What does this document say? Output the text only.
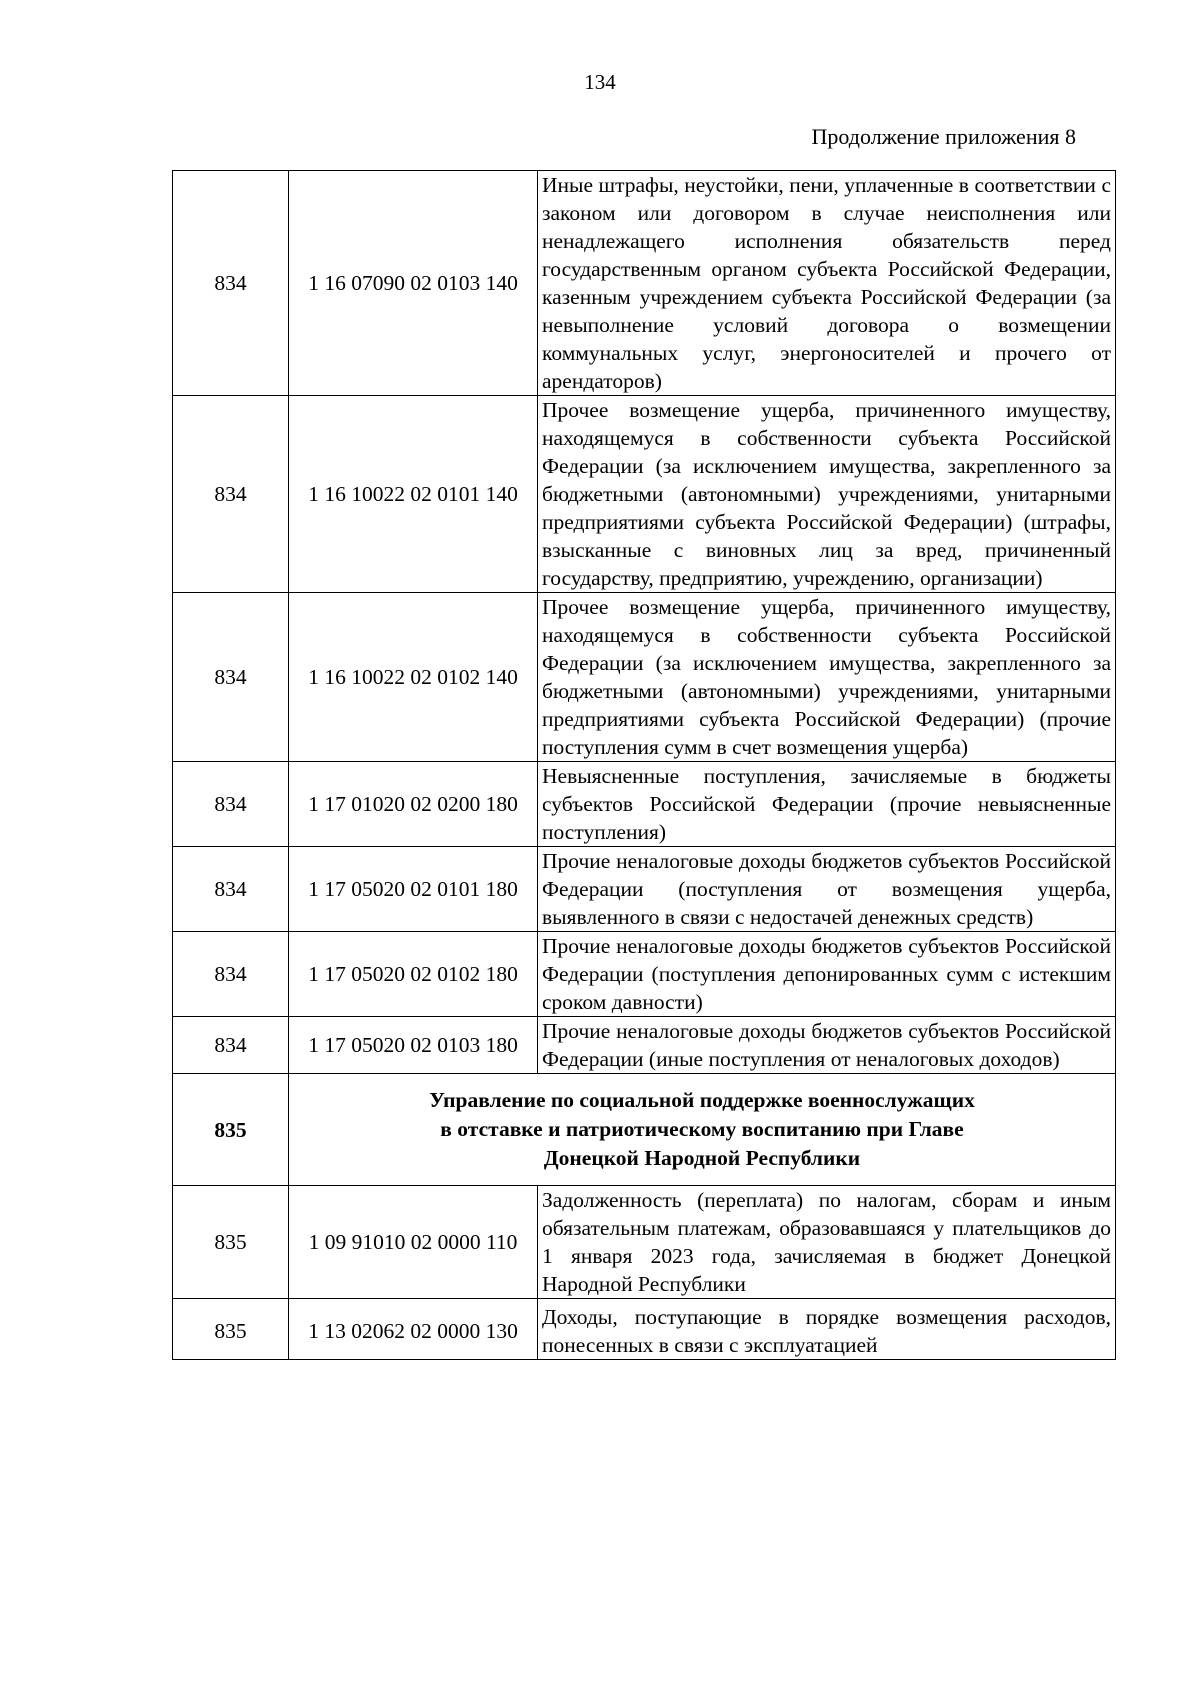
134
Продолжение приложения 8
834	1 16 07090 02 0103 140	Иные штрафы, неустойки, пени, уплаченные в соответствии с законом или договором в случае неисполнения или ненадлежащего исполнения обязательств перед государственным органом субъекта Российской Федерации, казенным учреждением субъекта Российской Федерации (за невыполнение условий договора о возмещении коммунальных услуг, энергоносителей и прочего от арендаторов)
834	1 16 10022 02 0101 140	Прочее возмещение ущерба, причиненного имуществу, находящемуся в собственности субъекта Российской Федерации (за исключением имущества, закрепленного за бюджетными (автономными) учреждениями, унитарными предприятиями субъекта Российской Федерации) (штрафы, взысканные с виновных лиц за вред, причиненный государству, предприятию, учреждению, организации)
834	1 16 10022 02 0102 140	Прочее возмещение ущерба, причиненного имуществу, находящемуся в собственности субъекта Российской Федерации (за исключением имущества, закрепленного за бюджетными (автономными) учреждениями, унитарными предприятиями субъекта Российской Федерации) (прочие поступления сумм в счет возмещения ущерба)
834	1 17 01020 02 0200 180	Невыясненные поступления, зачисляемые в бюджеты субъектов Российской Федерации (прочие невыясненные поступления)
834	1 17 05020 02 0101 180	Прочие неналоговые доходы бюджетов субъектов Российской Федерации (поступления от возмещения ущерба, выявленного в связи с недостачей денежных средств)
834	1 17 05020 02 0102 180	Прочие неналоговые доходы бюджетов субъектов Российской Федерации (поступления депонированных сумм с истекшим сроком давности)
834	1 17 05020 02 0103 180	Прочие неналоговые доходы бюджетов субъектов Российской Федерации (иные поступления от неналоговых доходов)
835	Управление по социальной поддержке военнослужащих
в отставке и патриотическому воспитанию при Главе
Донецкой Народной Республики	

835	1 09 91010 02 0000 110	Задолженность (переплата) по налогам, сборам и иным обязательным платежам, образовавшаяся у плательщиков до 1 января 2023 года, зачисляемая в бюджет Донецкой Народной Республики
835	1 13 02062 02 0000 130	Доходы, поступающие в порядке возмещения расходов, понесенных в связи с эксплуатацией
